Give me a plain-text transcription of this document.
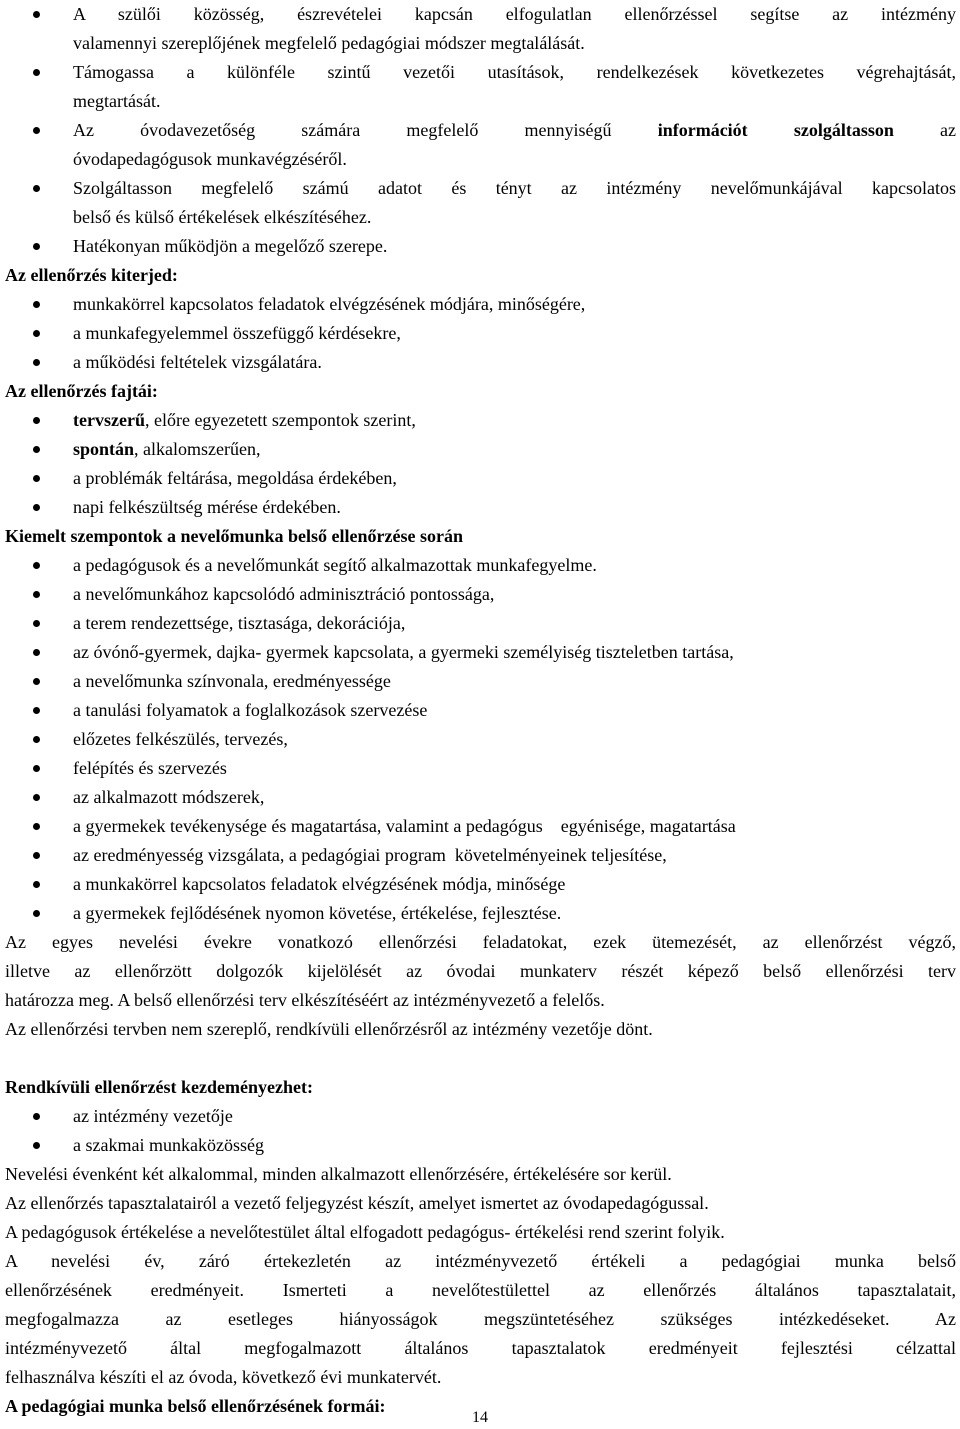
A szülői közösség, észrevételei kapcsán elfogulatlan ellenőrzéssel segítse az intézmény
valamennyi szereplőjének megfelelő pedagógiai módszer megtalálását.
Támogassa a különféle szintű vezetői utasítások, rendelkezések következetes végrehajtását,
megtartását.
Az óvodavezetőség számára megfelelő mennyiségű	információt szolgáltasson	az
óvodapedagógusok munkavégzéséről.
Szolgáltasson megfelelő számú adatot és tényt az intézmény nevelőmunkájával kapcsolatos
belső és külső értékelések elkészítéséhez.
Hatékonyan működjön a megelőző szerepe.
Az ellenőrzés kiterjed:
munkakörrel kapcsolatos feladatok elvégzésének módjára, minőségére,
a munkafegyelemmel összefüggő kérdésekre,
a működési feltételek vizsgálatára.
Az ellenőrzés fajtái:
tervszerű, előre egyezetett szempontok szerint,
spontán, alkalomszerűen,
a problémák feltárása, megoldása érdekében,
napi felkészültség mérése érdekében.
Kiemelt szempontok a nevelőmunka belső ellenőrzése során
a pedagógusok és a nevelőmunkát segítő alkalmazottak munkafegyelme.
a nevelőmunkához kapcsolódó adminisztráció pontossága,
a terem rendezettsége, tisztasága, dekorációja,
az óvónő-gyermek, dajka- gyermek kapcsolata, a gyermeki személyiség tiszteletben tartása,
a nevelőmunka színvonala, eredményessége
a tanulási folyamatok a foglalkozások szervezése
előzetes felkészülés, tervezés,
felépítés és szervezés
az alkalmazott módszerek,
a gyermekek tevékenysége és magatartása, valamint a pedagógus    egyénisége, magatartása
az eredményesség vizsgálata, a pedagógiai program  követelményeinek teljesítése,
a munkakörrel kapcsolatos feladatok elvégzésének módja, minősége
a gyermekek fejlődésének nyomon követése, értékelése, fejlesztése.
Az egyes nevelési évekre vonatkozó ellenőrzési feladatokat, ezek ütemezését, az ellenőrzést végző,
illetve az ellenőrzött dolgozók kijelölését az óvodai munkaterv részét képező belső ellenőrzési terv
határozza meg. A belső ellenőrzési terv elkészítéséért az intézményvezető a felelős.
Az ellenőrzési tervben nem szereplő, rendkívüli ellenőrzésről az intézmény vezetője dönt.
Rendkívüli ellenőrzést kezdeményezhet:
az intézmény vezetője
a szakmai munkaközösség
Nevelési évenként két alkalommal, minden alkalmazott ellenőrzésére, értékelésére sor kerül.
Az ellenőrzés tapasztalatairól a vezető feljegyzést készít, amelyet ismertet az óvodapedagógussal.
A pedagógusok értékelése a nevelőtestület által elfogadott pedagógus- értékelési rend szerint folyik.
A nevelési év, záró értekezletén az intézményvezető értékeli a pedagógiai munka belső
ellenőrzésének eredményeit. Ismerteti a nevelőtestülettel az ellenőrzés általános tapasztalatait,
megfogalmazza az esetleges hiányosságok megszüntetéséhez szükséges intézkedéseket. Az
intézményvezető által megfogalmazott általános tapasztalatok eredményeit fejlesztési célzattal
felhasználva készíti el az óvoda, következő évi munkatervét.
A pedagógiai munka belső ellenőrzésének formái:
14
